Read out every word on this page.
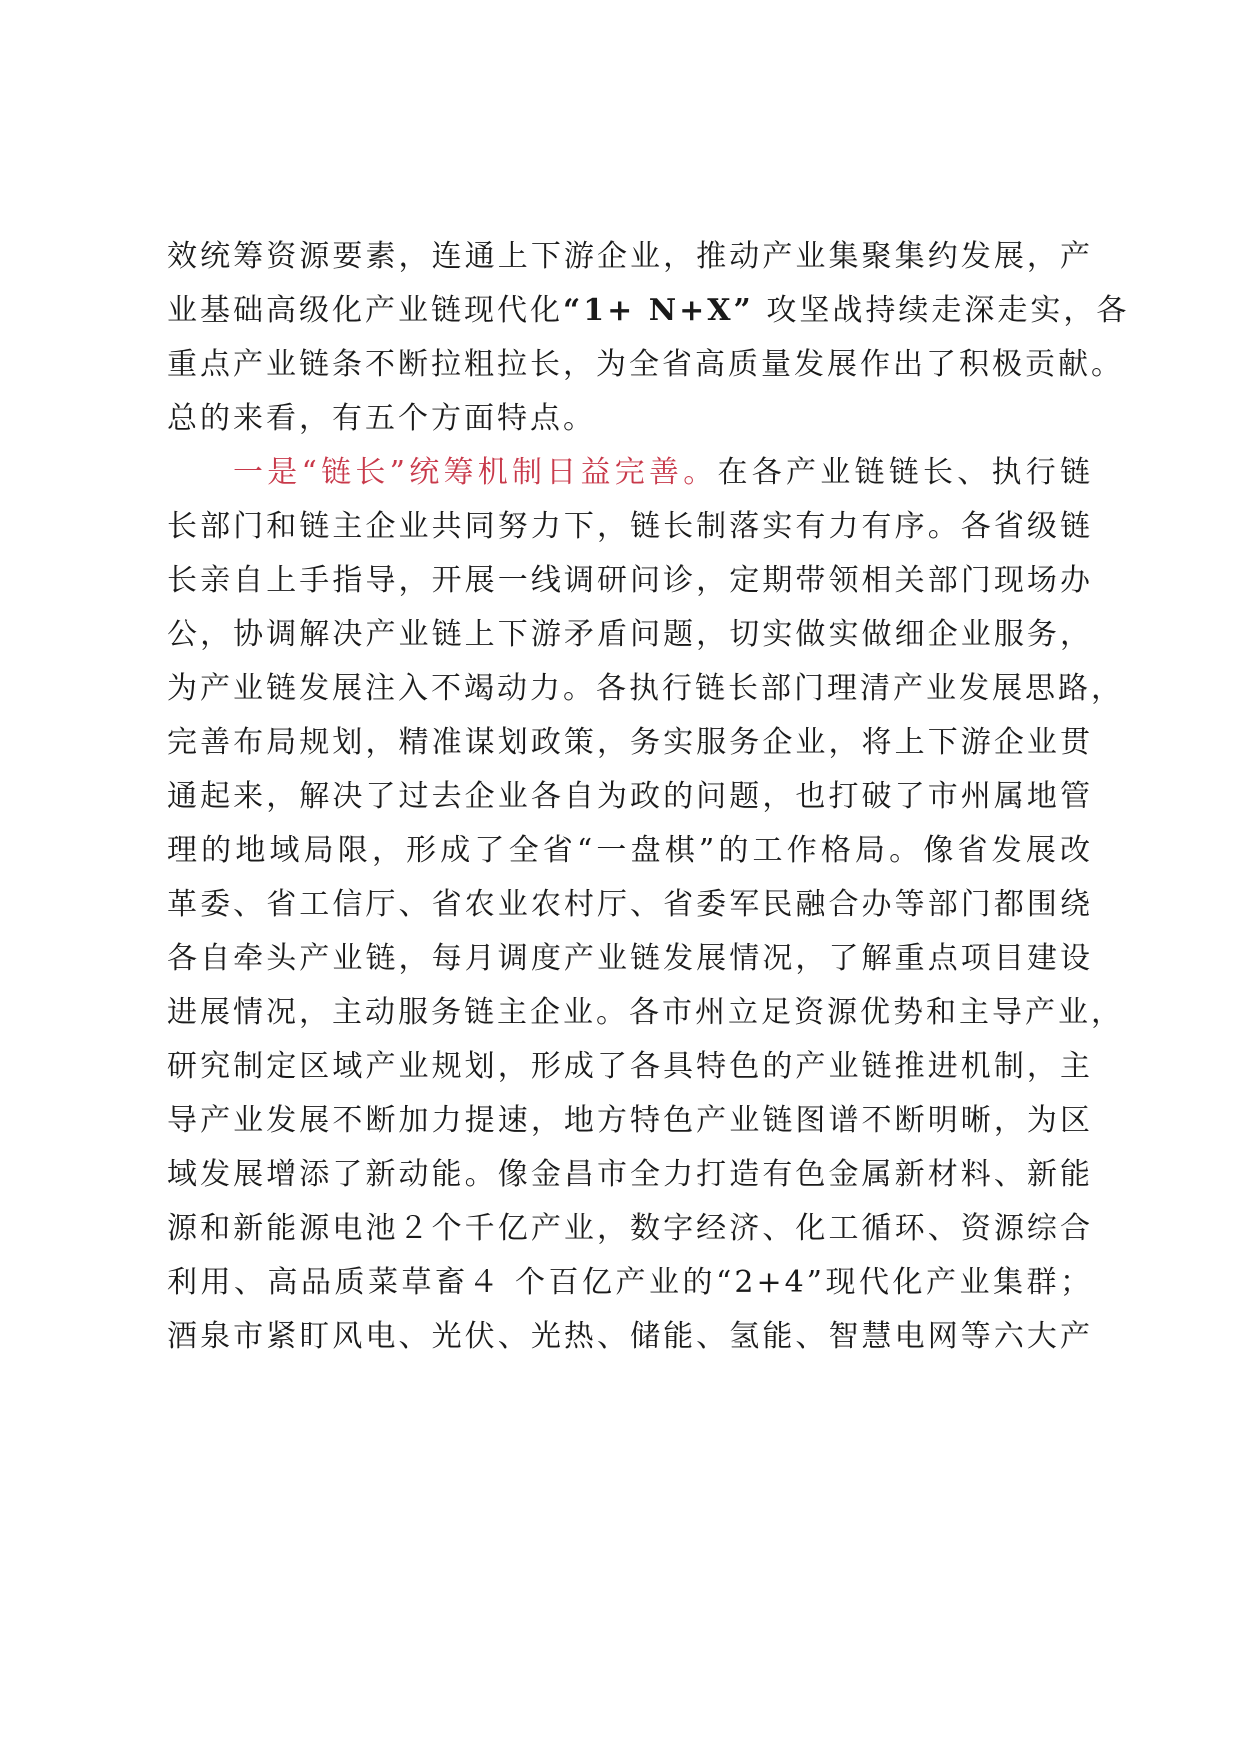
效统筹资源要素，连通上下游企业，推动产业集聚集约发展，产
业基础高级化产业链现代化“1+ N+X” 攻坚战持续走深走实，各
重点产业链条不断拉粗拉长，为全省高质量发展作出了积极贡献。
总的来看，有五个方面特点。
一是“链长”统筹机制日益完善。在各产业链链长、执行链
长部门和链主企业共同努力下，链长制落实有力有序。各省级链
长亲自上手指导，开展一线调研问诊，定期带领相关部门现场办
公，协调解决产业链上下游矛盾问题，切实做实做细企业服务，
为产业链发展注入不竭动力。各执行链长部门理清产业发展思路，
完善布局规划，精准谋划政策，务实服务企业，将上下游企业贯
通起来，解决了过去企业各自为政的问题，也打破了市州属地管
理的地域局限，形成了全省“一盘棋”的工作格局。像省发展改
革委、省工信厅、省农业农村厅、省委军民融合办等部门都围绕
各自牵头产业链，每月调度产业链发展情况，了解重点项目建设
进展情况，主动服务链主企业。各市州立足资源优势和主导产业，
研究制定区域产业规划，形成了各具特色的产业链推进机制，主
导产业发展不断加力提速，地方特色产业链图谱不断明晰，为区
域发展增添了新动能。像金昌市全力打造有色金属新材料、新能
源和新能源电池２个千亿产业，数字经济、化工循环、资源综合
利用、高品质菜草畜４ 个百亿产业的“2+4”现代化产业集群；
酒泉市紧盯风电、光伏、光热、储能、氢能、智慧电网等六大产
